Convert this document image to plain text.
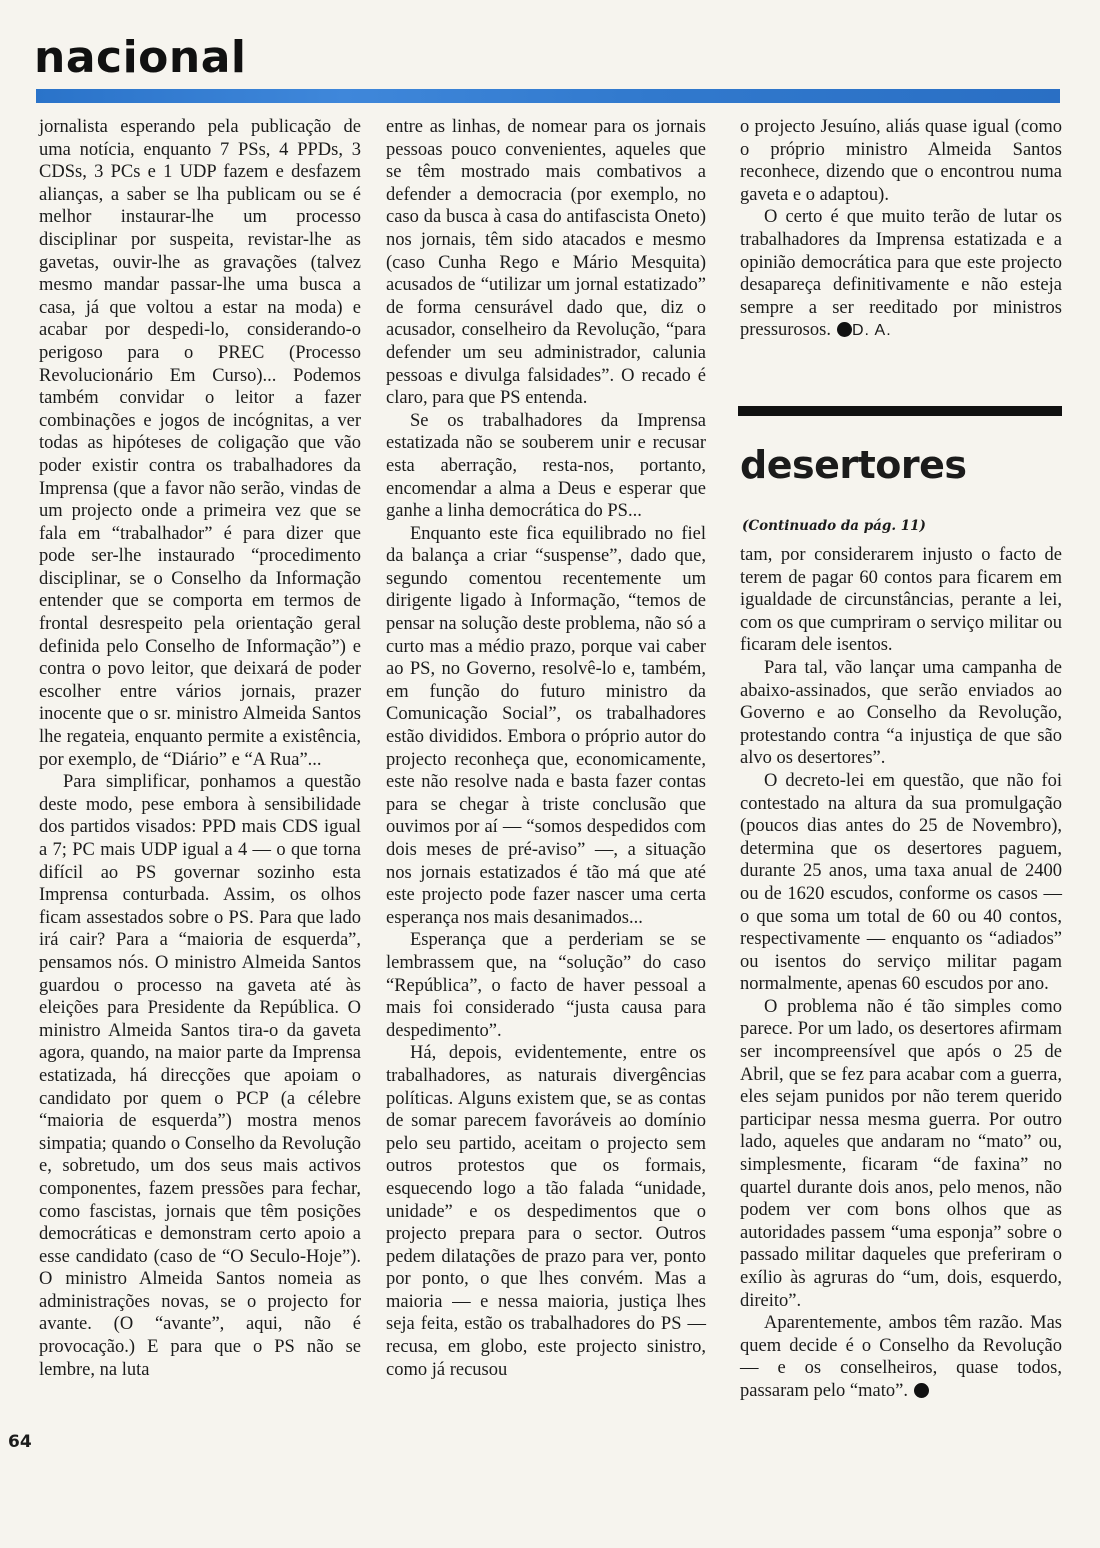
nacional

jornalista esperando pela publicação de uma notícia, enquanto 7 PSs, 4 PPDs, 3 CDSs, 3 PCs e 1 UDP fazem e desfazem alianças, a saber se lha publicam ou se é melhor instaurar-lhe um processo disciplinar por suspeita, revistar-lhe as gavetas, ouvir-lhe as gravações (talvez mesmo mandar passar-lhe uma busca a casa, já que voltou a estar na moda) e acabar por despedi-lo, considerando-o perigoso para o PREC (Processo Revolucionário Em Curso)... Podemos também convidar o leitor a fazer combinações e jogos de incógnitas, a ver todas as hipóteses de coligação que vão poder existir contra os trabalhadores da Imprensa (que a favor não serão, vindas de um projecto onde a primeira vez que se fala em “trabalhador” é para dizer que pode ser-lhe instaurado “procedimento disciplinar, se o Conselho da Informação entender que se comporta em termos de frontal desrespeito pela orientação geral definida pelo Conselho de Informação”) e contra o povo leitor, que deixará de poder escolher entre vários jornais, prazer inocente que o sr. ministro Almeida Santos lhe regateia, enquanto permite a existência, por exemplo, de “Diário” e “A Rua”...

Para simplificar, ponhamos a questão deste modo, pese embora à sensibilidade dos partidos visados: PPD mais CDS igual a 7; PC mais UDP igual a 4 — o que torna difícil ao PS governar sozinho esta Imprensa conturbada. Assim, os olhos ficam assestados sobre o PS. Para que lado irá cair? Para a “maioria de esquerda”, pensamos nós. O ministro Almeida Santos guardou o processo na gaveta até às eleições para Presidente da República. O ministro Almeida Santos tira-o da gaveta agora, quando, na maior parte da Imprensa estatizada, há direcções que apoiam o candidato por quem o PCP (a célebre “maioria de esquerda”) mostra menos simpatia; quando o Conselho da Revolução e, sobretudo, um dos seus mais activos componentes, fazem pressões para fechar, como fascistas, jornais que têm posições democráticas e demonstram certo apoio a esse candidato (caso de “O Seculo-Hoje”). O ministro Almeida Santos nomeia as administrações novas, se o projecto for avante. (O “avante”, aqui, não é provocação.) E para que o PS não se lembre, na luta

64

entre as linhas, de nomear para os jornais pessoas pouco convenientes, aqueles que se têm mostrado mais combativos a defender a democracia (por exemplo, no caso da busca à casa do antifascista Oneto) nos jornais, têm sido atacados e mesmo (caso Cunha Rego e Mário Mesquita) acusados de “utilizar um jornal estatizado” de forma censurável dado que, diz o acusador, conselheiro da Revolução, “para defender um seu administrador, calunia pessoas e divulga falsidades”. O recado é claro, para que PS entenda.

Se os trabalhadores da Imprensa estatizada não se souberem unir e recusar esta aberração, resta-nos, portanto, encomendar a alma a Deus e esperar que ganhe a linha democrática do PS...

Enquanto este fica equilibrado no fiel da balança a criar “suspense”, dado que, segundo comentou recentemente um dirigente ligado à Informação, “temos de pensar na solução deste problema, não só a curto mas a médio prazo, porque vai caber ao PS, no Governo, resolvê-lo e, também, em função do futuro ministro da Comunicação Social”, os trabalhadores estão divididos. Embora o próprio autor do projecto reconheça que, economicamente, este não resolve nada e basta fazer contas para se chegar à triste conclusão que ouvimos por aí — “somos despedidos com dois meses de pré-aviso” —, a situação nos jornais estatizados é tão má que até este projecto pode fazer nascer uma certa esperança nos mais desanimados...

Esperança que a perderiam se se lembrassem que, na “solução” do caso “República”, o facto de haver pessoal a mais foi considerado “justa causa para despedimento”.

Há, depois, evidentemente, entre os trabalhadores, as naturais divergências políticas. Alguns existem que, se as contas de somar parecem favoráveis ao domínio pelo seu partido, aceitam o projecto sem outros protestos que os formais, esquecendo logo a tão falada “unidade, unidade” e os despedimentos que o projecto prepara para o sector. Outros pedem dilatações de prazo para ver, ponto por ponto, o que lhes convém. Mas a maioria — e nessa maioria, justiça lhes seja feita, estão os trabalhadores do PS — recusa, em globo, este projecto sinistro, como já recusou

o projecto Jesuíno, aliás quase igual (como o próprio ministro Almeida Santos reconhece, dizendo que o encontrou numa gaveta e o adaptou).

O certo é que muito terão de lutar os trabalhadores da Imprensa estatizada e a opinião democrática para que este projecto desapareça definitivamente e não esteja sempre a ser reeditado por ministros pressurosos. D. A.

desertores
(Continuado da pág. 11)

tam, por considerarem injusto o facto de terem de pagar 60 contos para ficarem em igualdade de circunstâncias, perante a lei, com os que cumpriram o serviço militar ou ficaram dele isentos.

Para tal, vão lançar uma campanha de abaixo-assinados, que serão enviados ao Governo e ao Conselho da Revolução, protestando contra “a injustiça de que são alvo os desertores”.

O decreto-lei em questão, que não foi contestado na altura da sua promulgação (poucos dias antes do 25 de Novembro), determina que os desertores paguem, durante 25 anos, uma taxa anual de 2400 ou de 1620 escudos, conforme os casos — o que soma um total de 60 ou 40 contos, respectivamente — enquanto os “adiados” ou isentos do serviço militar pagam normalmente, apenas 60 escudos por ano.

O problema não é tão simples como parece. Por um lado, os desertores afirmam ser incompreensível que após o 25 de Abril, que se fez para acabar com a guerra, eles sejam punidos por não terem querido participar nessa mesma guerra. Por outro lado, aqueles que andaram no “mato” ou, simplesmente, ficaram “de faxina” no quartel durante dois anos, pelo menos, não podem ver com bons olhos que as autoridades passem “uma esponja” sobre o passado militar daqueles que preferiram o exílio às agruras do “um, dois, esquerdo, direito”.

Aparentemente, ambos têm razão. Mas quem decide é o Conselho da Revolução — e os conselheiros, quase todos, passaram pelo “mato”.
